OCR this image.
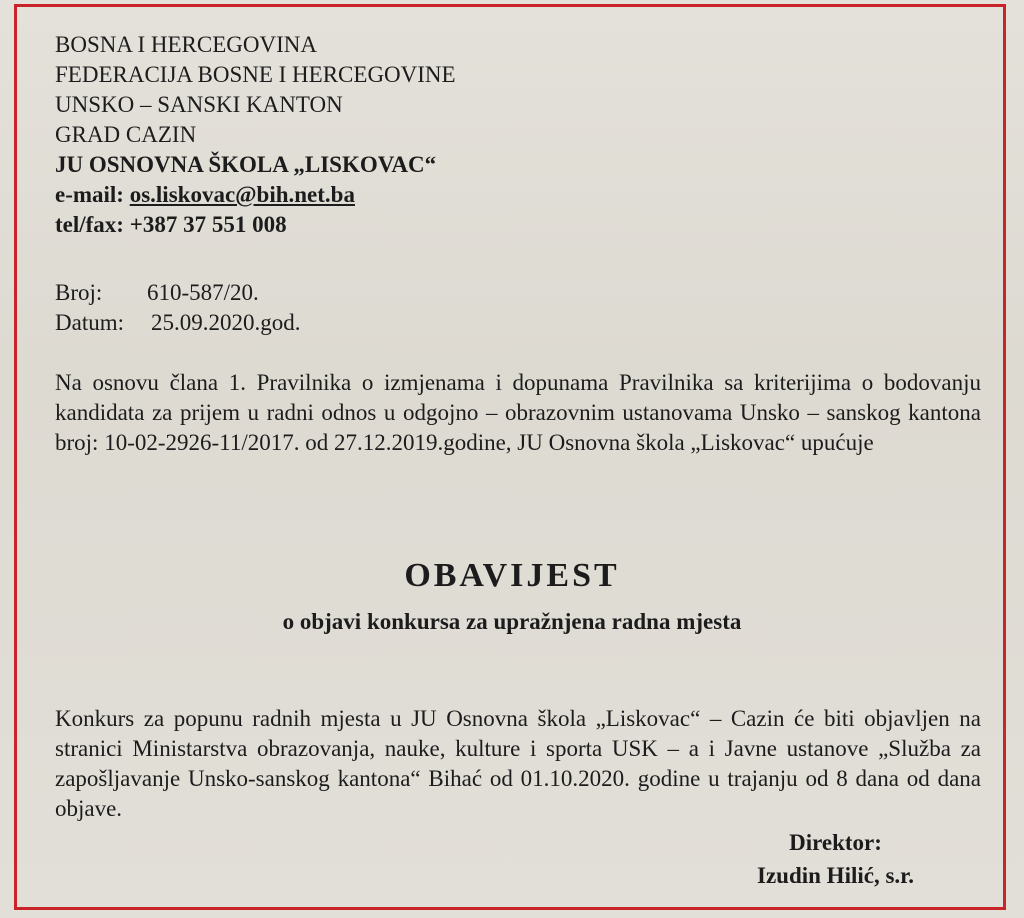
BOSNA I HERCEGOVINA
FEDERACIJA BOSNE I HERCEGOVINE
UNSKO – SANSKI KANTON
GRAD CAZIN
JU OSNOVNA ŠKOLA „LISKOVAC“
e-mail: os.liskovac@bih.net.ba
tel/fax: +387 37 551 008
Broj:	610-587/20.
Datum:	25.09.2020.god.
Na osnovu člana 1. Pravilnika o izmjenama i dopunama Pravilnika sa kriterijima o bodovanju kandidata za prijem u radni odnos u odgojno – obrazovnim ustanovama Unsko – sanskog kantona broj: 10-02-2926-11/2017. od 27.12.2019.godine, JU Osnovna škola „Liskovac“ upućuje
OBAVIJEST
o objavi konkursa za upražnjena radna mjesta
Konkurs za popunu radnih mjesta u JU Osnovna škola „Liskovac“ – Cazin će biti objavljen na stranici Ministarstva obrazovanja, nauke, kulture i sporta USK – a i Javne ustanove „Služba za zapošljavanje Unsko-sanskog kantona“ Bihać od 01.10.2020. godine u trajanju od 8 dana od dana objave.
Direktor:
Izudin Hilić, s.r.
